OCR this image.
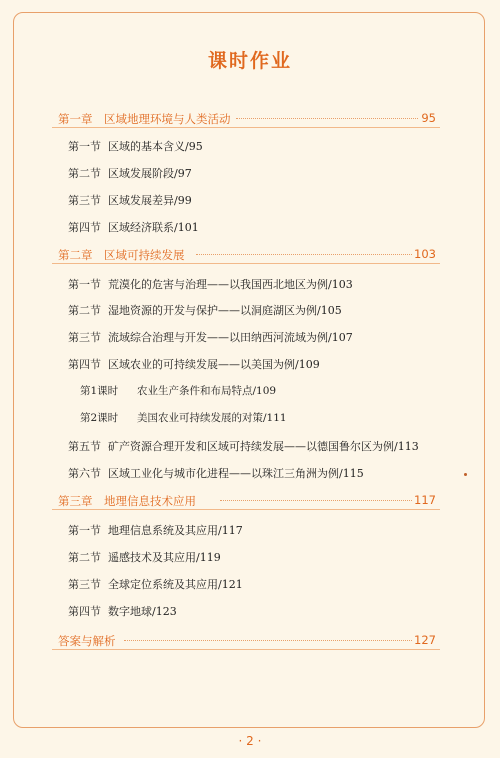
课时作业
第一章 区域地理环境与人类活动	95
第一节 区域的基本含义/95
第二节 区域发展阶段/97
第三节 区域发展差异/99
第四节 区域经济联系/101
第二章 区域可持续发展	103
第一节 荒漠化的危害与治理——以我国西北地区为例/103
第二节 湿地资源的开发与保护——以洞庭湖区为例/105
第三节 流域综合治理与开发——以田纳西河流域为例/107
第四节 区域农业的可持续发展——以美国为例/109
第1课时 农业生产条件和布局特点/109
第2课时 美国农业可持续发展的对策/111
第五节 矿产资源合理开发和区域可持续发展——以德国鲁尔区为例/113
第六节 区域工业化与城市化进程——以珠江三角洲为例/115
第三章 地理信息技术应用	117
第一节 地理信息系统及其应用/117
第二节 遥感技术及其应用/119
第三节 全球定位系统及其应用/121
第四节 数字地球/123
答案与解析	127
· 2 ·
